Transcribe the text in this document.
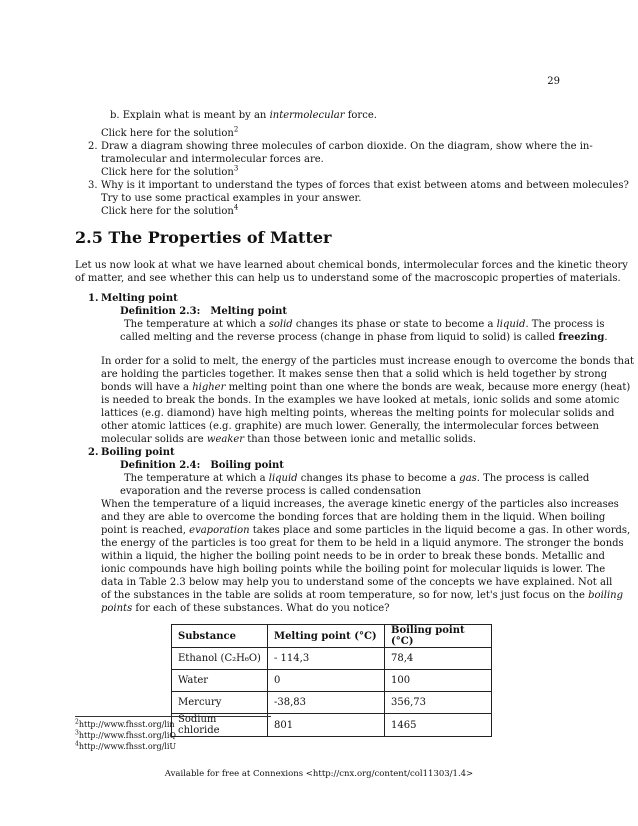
29
b. Explain what is meant by an intermolecular force.
Click here for the solution$^2$
2. Draw a diagram showing three molecules of carbon dioxide. On the diagram, show where the in-
tramolecular and intermolecular forces are.
Click here for the solution$^3$
3. Why is it important to understand the types of forces that exist between atoms and between molecules?
Try to use some practical examples in your answer.
Click here for the solution$^4$
2.5 The Properties of Matter
Let us now look at what we have learned about chemical bonds, intermolecular forces and the kinetic theory
of matter, and see whether this can help us to understand some of the macroscopic properties of materials.
1. Melting point
Definition 2.3: Melting point
The temperature at which a solid changes its phase or state to become a liquid. The process is
called melting and the reverse process (change in phase from liquid to solid) is called freezing.
In order for a solid to melt, the energy of the particles must increase enough to overcome the bonds that
are holding the particles together. It makes sense then that a solid which is held together by strong
bonds will have a higher melting point than one where the bonds are weak, because more energy (heat)
is needed to break the bonds. In the examples we have looked at metals, ionic solids and some atomic
lattices (e.g. diamond) have high melting points, whereas the melting points for molecular solids and
other atomic lattices (e.g. graphite) are much lower. Generally, the intermolecular forces between
molecular solids are weaker than those between ionic and metallic solids.
2. Boiling point
Definition 2.4: Boiling point
The temperature at which a liquid changes its phase to become a gas. The process is called
evaporation and the reverse process is called condensation
When the temperature of a liquid increases, the average kinetic energy of the particles also increases
and they are able to overcome the bonding forces that are holding them in the liquid. When boiling
point is reached, evaporation takes place and some particles in the liquid become a gas. In other words,
the energy of the particles is too great for them to be held in a liquid anymore. The stronger the bonds
within a liquid, the higher the boiling point needs to be in order to break these bonds. Metallic and
ionic compounds have high boiling points while the boiling point for molecular liquids is lower. The
data in Table 2.3 below may help you to understand some of the concepts we have explained. Not all
of the substances in the table are solids at room temperature, so for now, let's just focus on the boiling
points for each of these substances. What do you notice?
Substance	Melting point (°C)	Boiling point (°C)
Ethanol (C₂H₆O)	- 114,3	78,4
Water	0	100
Mercury	-38,83	356,73
Sodium chloride	801	1465
$^2$http://www.fhsst.org/lin
$^3$http://www.fhsst.org/liQ
$^4$http://www.fhsst.org/liU
Available for free at Connexions <http://cnx.org/content/col11303/1.4>
